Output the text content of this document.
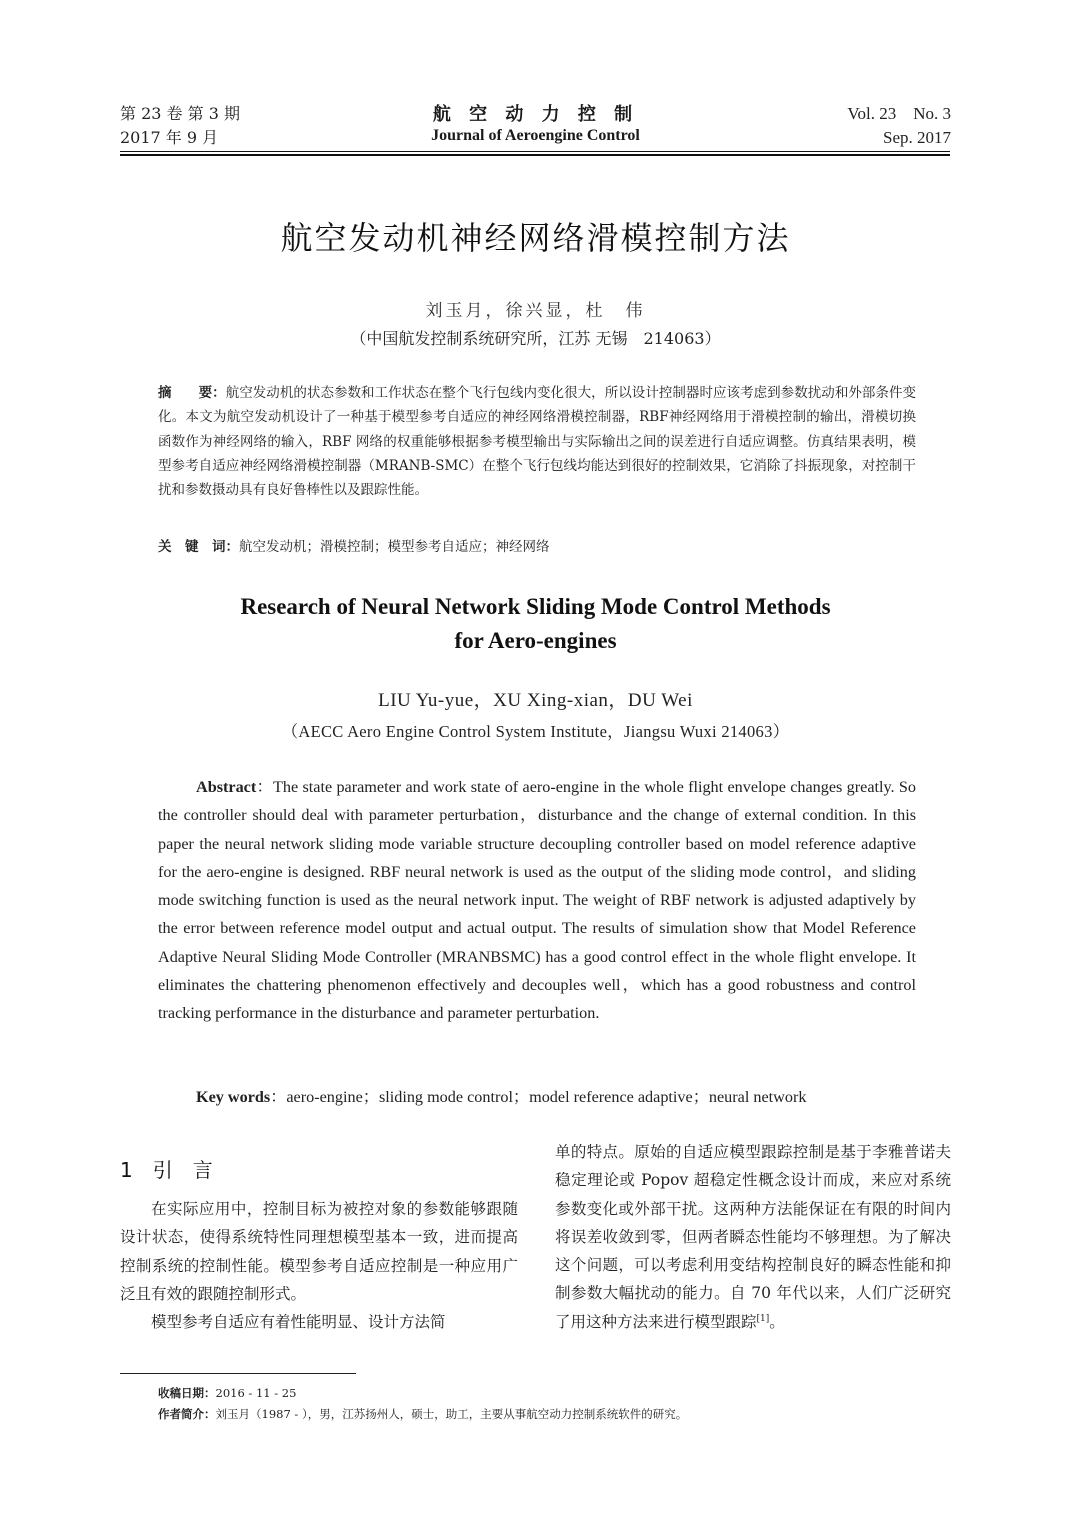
第 23 卷 第 3 期
2017 年 9 月
航 空 动 力 控 制
Journal of Aeroengine Control
Vol. 23    No. 3
Sep. 2017
航空发动机神经网络滑模控制方法
刘玉月，徐兴显，杜　伟
（中国航发控制系统研究所，江苏 无锡　214063）
摘　　要：航空发动机的状态参数和工作状态在整个飞行包线内变化很大，所以设计控制器时应该考虑到参数扰动和外部条件变化。本文为航空发动机设计了一种基于模型参考自适应的神经网络滑模控制器，RBF神经网络用于滑模控制的输出，滑模切换函数作为神经网络的输入，RBF 网络的权重能够根据参考模型输出与实际输出之间的误差进行自适应调整。仿真结果表明，模型参考自适应神经网络滑模控制器（MRANB-SMC）在整个飞行包线均能达到很好的控制效果，它消除了抖振现象，对控制干扰和参数摄动具有良好鲁棒性以及跟踪性能。
关　键　词：航空发动机；滑模控制；模型参考自适应；神经网络
Research of Neural Network Sliding Mode Control Methods
for Aero-engines
LIU Yu-yue，XU Xing-xian，DU Wei
（AECC Aero Engine Control System Institute，Jiangsu Wuxi 214063）
Abstract：The state parameter and work state of aero-engine in the whole flight envelope changes greatly. So the controller should deal with parameter perturbation，disturbance and the change of external condition. In this paper the neural network sliding mode variable structure decoupling controller based on model reference adaptive for the aero-engine is designed. RBF neural network is used as the output of the sliding mode control，and sliding mode switching function is used as the neural network input. The weight of RBF network is adjusted adaptively by the error between reference model output and actual output. The results of simulation show that Model Reference Adaptive Neural Sliding Mode Controller (MRANBSMC) has a good control effect in the whole flight envelope. It eliminates the chattering phenomenon effectively and decouples well，which has a good robustness and control tracking performance in the disturbance and parameter perturbation.
Key words：aero-engine；sliding mode control；model reference adaptive；neural network
1　引　言

在实际应用中，控制目标为被控对象的参数能够跟随设计状态，使得系统特性同理想模型基本一致，进而提高控制系统的控制性能。模型参考自适应控制是一种应用广泛且有效的跟随控制形式。

模型参考自适应有着性能明显、设计方法简

单的特点。原始的自适应模型跟踪控制是基于李雅普诺夫稳定理论或 Popov 超稳定性概念设计而成，来应对系统参数变化或外部干扰。这两种方法能保证在有限的时间内将误差收敛到零，但两者瞬态性能均不够理想。为了解决这个问题，可以考虑利用变结构控制良好的瞬态性能和抑制参数大幅扰动的能力。自 70 年代以来，人们广泛研究了用这种方法来进行模型跟踪[1]。

收稿日期：2016 - 11 - 25
作者简介：刘玉月（1987 - ），男，江苏扬州人，硕士，助工，主要从事航空动力控制系统软件的研究。
